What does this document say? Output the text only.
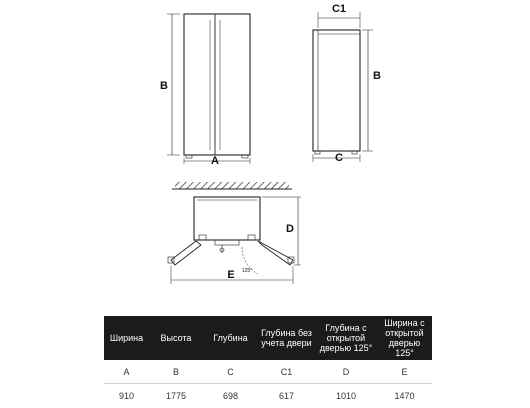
B
A
C1
B
C
D
E 125°
Ширина	Высота	Глубина	Глубина без учета двери	Глубина с открытой дверью 125°	Ширина с открытой дверью 125°
A	B	C	C1	D	E
910	1775	698	617	1010	1470
